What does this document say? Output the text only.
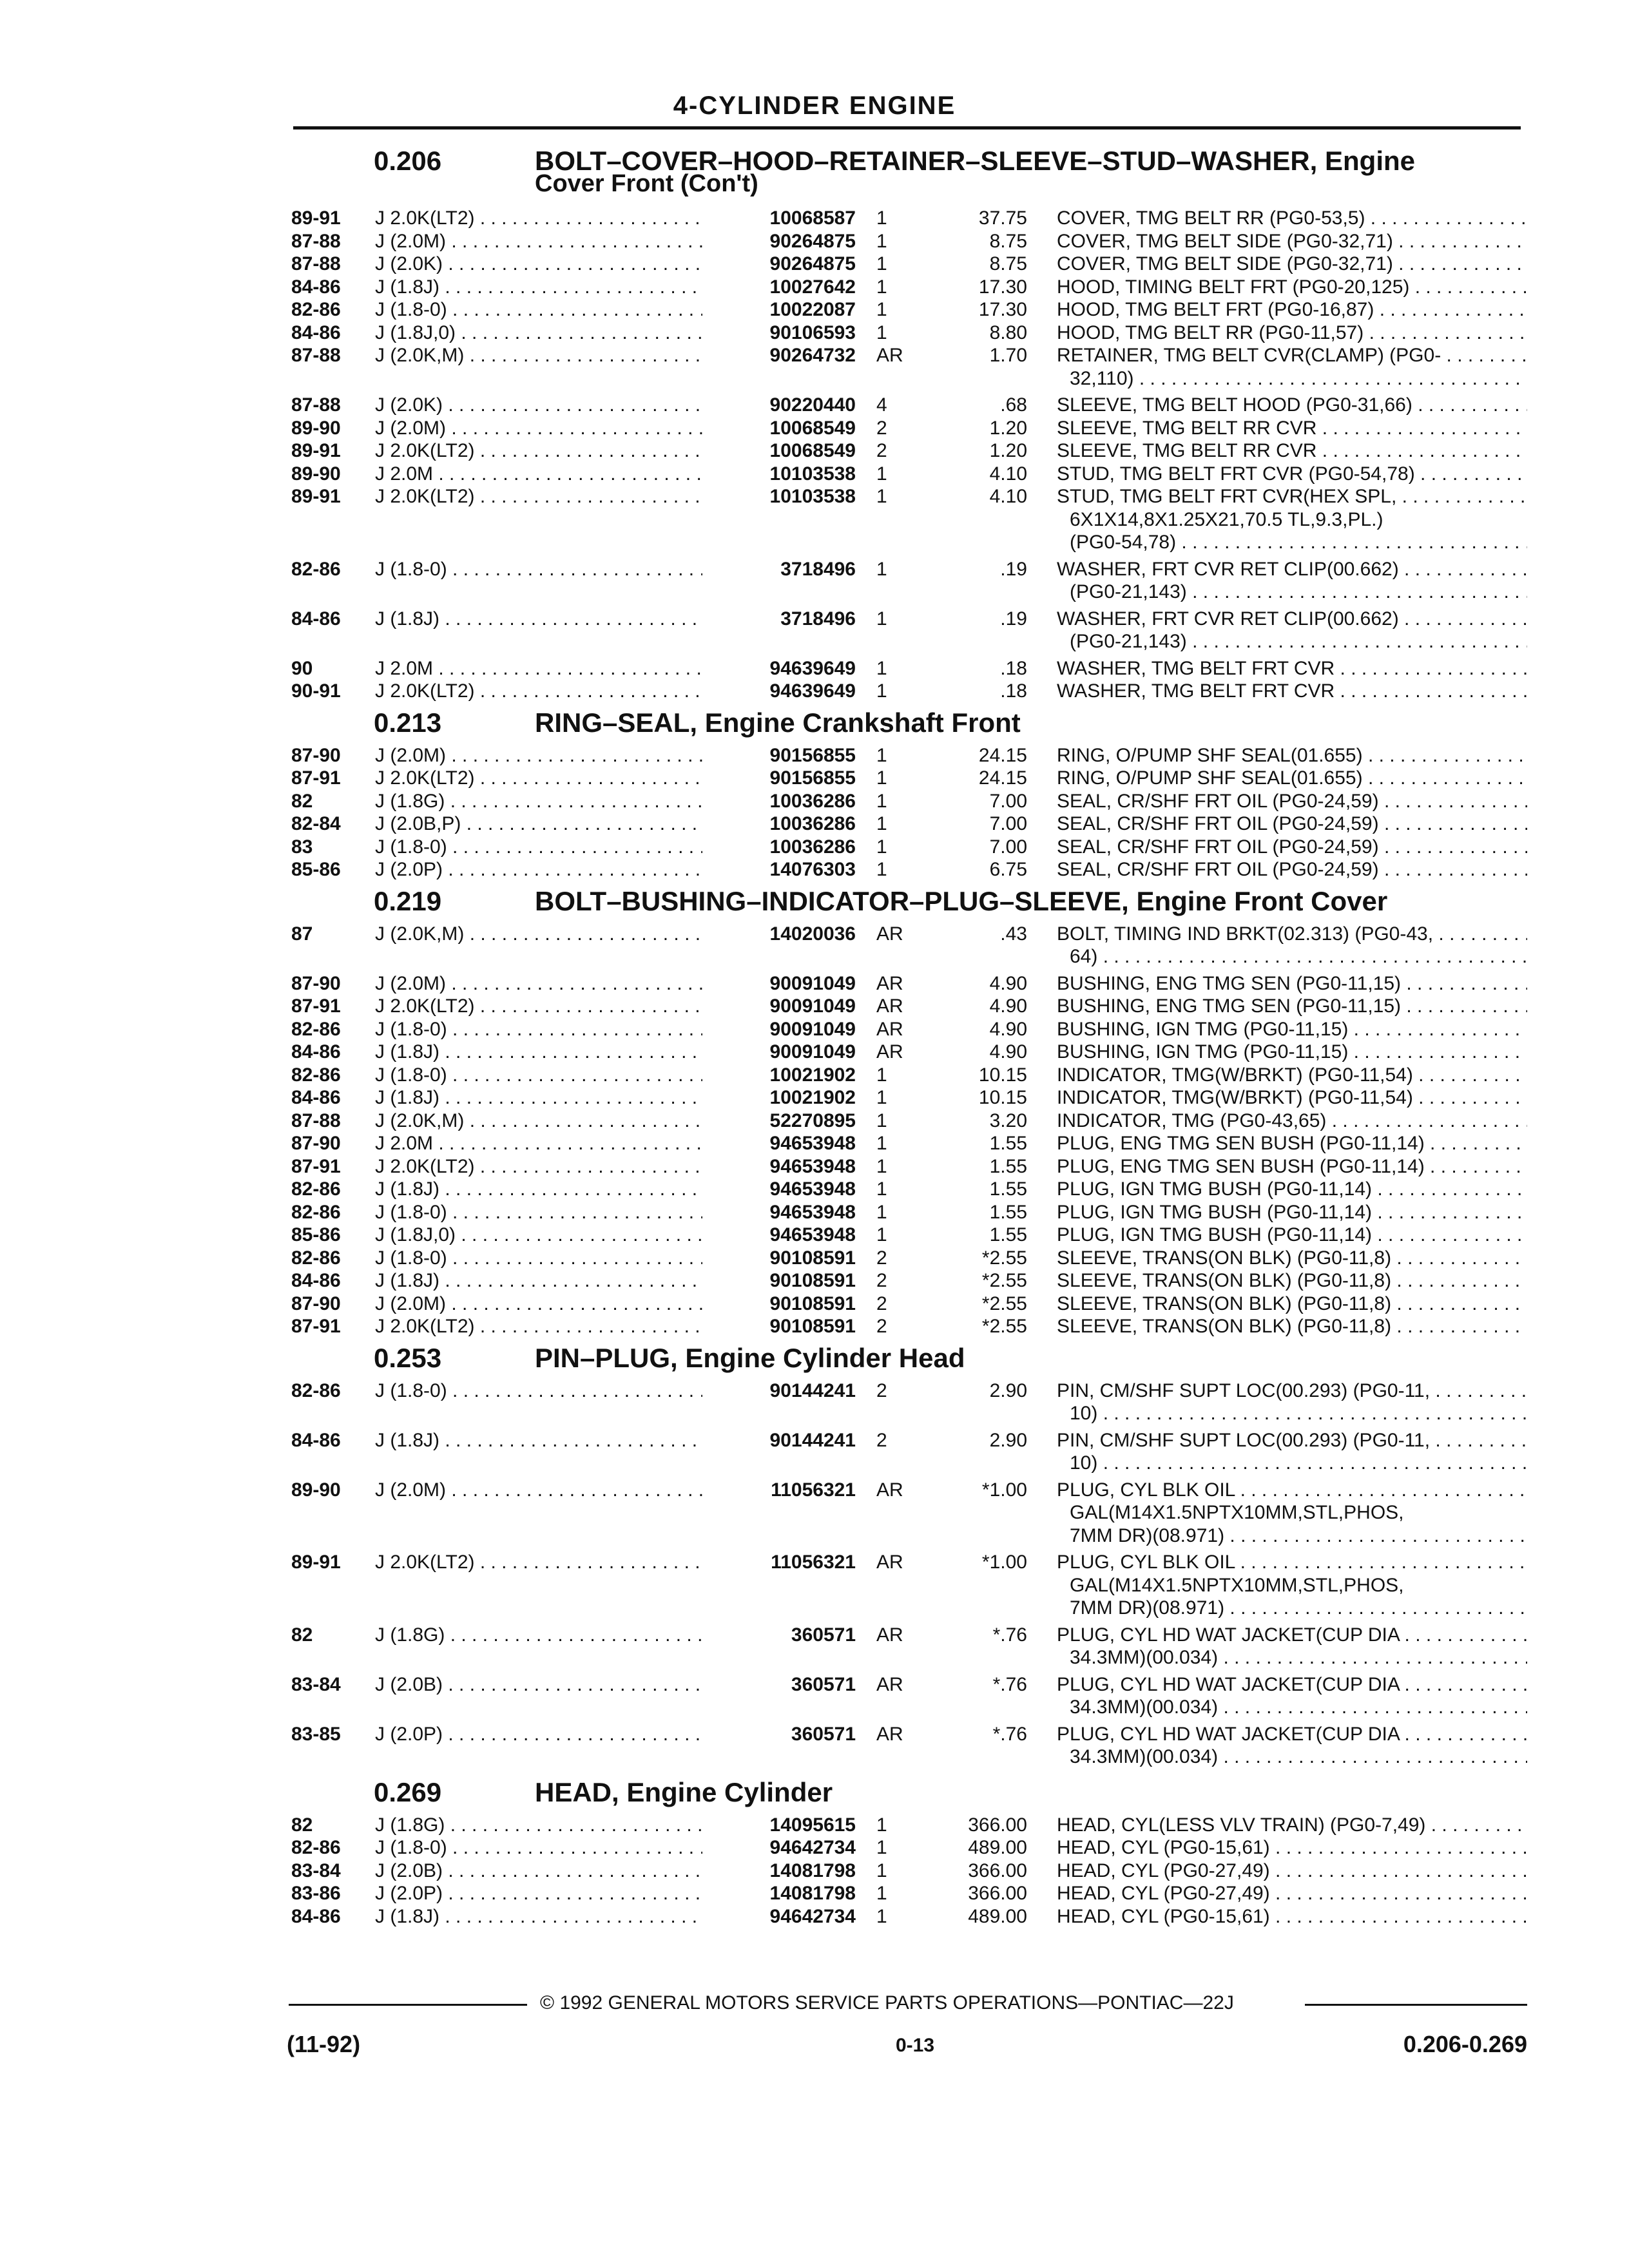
4-CYLINDER ENGINE
0.206	BOLT–COVER–HOOD–RETAINER–SLEEVE–STUD–WASHER, Engine
Cover Front (Con't)
89-91 J 2.0K(LT2) . . .	10068587 1	37.75 COVER, TMG BELT RR (PG0-53,5) . . .
87-88 J (2.0M) . . .	90264875 1	8.75 COVER, TMG BELT SIDE (PG0-32,71) . . .
87-88 J (2.0K) . . .	90264875 1	8.75 COVER, TMG BELT SIDE (PG0-32,71) . . .
84-86 J (1.8J) . . .	10027642 1	17.30 HOOD, TIMING BELT FRT (PG0-20,125) . . .
82-86 J (1.8-0) . . .	10022087 1	17.30 HOOD, TMG BELT FRT (PG0-16,87) . . .
84-86 J (1.8J,0) . . .	90106593 1	8.80 HOOD, TMG BELT RR (PG0-11,57) . . .
87-88 J (2.0K,M) . . .	90264732 AR	1.70 RETAINER, TMG BELT CVR(CLAMP) (PG0- . . .
32,110) . . .
87-88 J (2.0K) . . .	90220440 4	.68 SLEEVE, TMG BELT HOOD (PG0-31,66) . . .
89-90 J (2.0M) . . .	10068549 2	1.20 SLEEVE, TMG BELT RR CVR . . .
89-91 J 2.0K(LT2) . . .	10068549 2	1.20 SLEEVE, TMG BELT RR CVR . . .
89-90 J 2.0M . . .	10103538 1	4.10 STUD, TMG BELT FRT CVR (PG0-54,78) . . .
89-91 J 2.0K(LT2) . . .	10103538 1	4.10 STUD, TMG BELT FRT CVR(HEX SPL, . . .
6X1X14,8X1.25X21,70.5 TL,9.3,PL.)
(PG0-54,78) . . .
82-86 J (1.8-0) . . .	3718496 1	.19 WASHER, FRT CVR RET CLIP(00.662) . . .
(PG0-21,143) . . .
84-86 J (1.8J) . . .	3718496 1	.19 WASHER, FRT CVR RET CLIP(00.662) . . .
(PG0-21,143) . . .
90	J 2.0M . . .	94639649 1	.18 WASHER, TMG BELT FRT CVR . . .
90-91 J 2.0K(LT2) . . .	94639649 1	.18 WASHER, TMG BELT FRT CVR . . .
0.213	RING–SEAL, Engine Crankshaft Front
87-90 J (2.0M) . . .	90156855 1	24.15 RING, O/PUMP SHF SEAL(01.655) . . .
87-91 J 2.0K(LT2) . . .	90156855 1	24.15 RING, O/PUMP SHF SEAL(01.655) . . .
82	J (1.8G) . . .	10036286 1	7.00 SEAL, CR/SHF FRT OIL (PG0-24,59) . . .
82-84 J (2.0B,P) . . .	10036286 1	7.00 SEAL, CR/SHF FRT OIL (PG0-24,59) . . .
83	J (1.8-0) . . .	10036286 1	7.00 SEAL, CR/SHF FRT OIL (PG0-24,59) . . .
85-86 J (2.0P) . . .	14076303 1	6.75 SEAL, CR/SHF FRT OIL (PG0-24,59) . . .
0.219	BOLT–BUSHING–INDICATOR–PLUG–SLEEVE, Engine Front Cover
87	J (2.0K,M) . . .	14020036 AR	.43 BOLT, TIMING IND BRKT(02.313) (PG0-43, . . .
64) . . .
87-90 J (2.0M) . . .	90091049 AR	4.90 BUSHING, ENG TMG SEN (PG0-11,15) . . .
87-91 J 2.0K(LT2) . . .	90091049 AR	4.90 BUSHING, ENG TMG SEN (PG0-11,15) . . .
82-86 J (1.8-0) . . .	90091049 AR	4.90 BUSHING, IGN TMG (PG0-11,15) . . .
84-86 J (1.8J) . . .	90091049 AR	4.90 BUSHING, IGN TMG (PG0-11,15) . . .
82-86 J (1.8-0) . . .	10021902 1	10.15 INDICATOR, TMG(W/BRKT) (PG0-11,54) . . .
84-86 J (1.8J) . . .	10021902 1	10.15 INDICATOR, TMG(W/BRKT) (PG0-11,54) . . .
87-88 J (2.0K,M) . . .	52270895 1	3.20 INDICATOR, TMG (PG0-43,65) . . .
87-90 J 2.0M . . .	94653948 1	1.55 PLUG, ENG TMG SEN BUSH (PG0-11,14) . . .
87-91 J 2.0K(LT2) . . .	94653948 1	1.55 PLUG, ENG TMG SEN BUSH (PG0-11,14) . . .
82-86 J (1.8J) . . .	94653948 1	1.55 PLUG, IGN TMG BUSH (PG0-11,14) . . .
82-86 J (1.8-0) . . .	94653948 1	1.55 PLUG, IGN TMG BUSH (PG0-11,14) . . .
85-86 J (1.8J,0) . . .	94653948 1	1.55 PLUG, IGN TMG BUSH (PG0-11,14) . . .
82-86 J (1.8-0) . . .	90108591 2	*2.55 SLEEVE, TRANS(ON BLK) (PG0-11,8) . . .
84-86 J (1.8J) . . .	90108591 2	*2.55 SLEEVE, TRANS(ON BLK) (PG0-11,8) . . .
87-90 J (2.0M) . . .	90108591 2	*2.55 SLEEVE, TRANS(ON BLK) (PG0-11,8) . . .
87-91 J 2.0K(LT2) . . .	90108591 2	*2.55 SLEEVE, TRANS(ON BLK) (PG0-11,8) . . .
0.253	PIN–PLUG, Engine Cylinder Head
82-86 J (1.8-0) . . .	90144241 2	2.90 PIN, CM/SHF SUPT LOC(00.293) (PG0-11, . . .
10) . . .
84-86 J (1.8J) . . .	90144241 2	2.90 PIN, CM/SHF SUPT LOC(00.293) (PG0-11, . . .
10) . . .
89-90 J (2.0M) . . .	11056321 AR	*1.00 PLUG, CYL BLK OIL . . .
GAL(M14X1.5NPTX10MM,STL,PHOS,
7MM DR)(08.971) . . .
89-91 J 2.0K(LT2) . . .	11056321 AR	*1.00 PLUG, CYL BLK OIL . . .
GAL(M14X1.5NPTX10MM,STL,PHOS,
7MM DR)(08.971) . . .
82	J (1.8G) . . .	360571 AR	*.76 PLUG, CYL HD WAT JACKET(CUP DIA . . .
34.3MM)(00.034) . . .
83-84 J (2.0B) . . .	360571 AR	*.76 PLUG, CYL HD WAT JACKET(CUP DIA . . .
34.3MM)(00.034) . . .
83-85 J (2.0P) . . .	360571 AR	*.76 PLUG, CYL HD WAT JACKET(CUP DIA . . .
34.3MM)(00.034) . . .
0.269	HEAD, Engine Cylinder
82	J (1.8G) . . .	14095615 1	366.00 HEAD, CYL(LESS VLV TRAIN) (PG0-7,49) . . .
82-86 J (1.8-0) . . .	94642734 1	489.00 HEAD, CYL (PG0-15,61) . . .
83-84 J (2.0B) . . .	14081798 1	366.00 HEAD, CYL (PG0-27,49) . . .
83-86 J (2.0P) . . .	14081798 1	366.00 HEAD, CYL (PG0-27,49) . . .
84-86 J (1.8J) . . .	94642734 1	489.00 HEAD, CYL (PG0-15,61) . . .
© 1992 GENERAL MOTORS SERVICE PARTS OPERATIONS—PONTIAC—22J
(11-92)	0-13	0.206-0.269
